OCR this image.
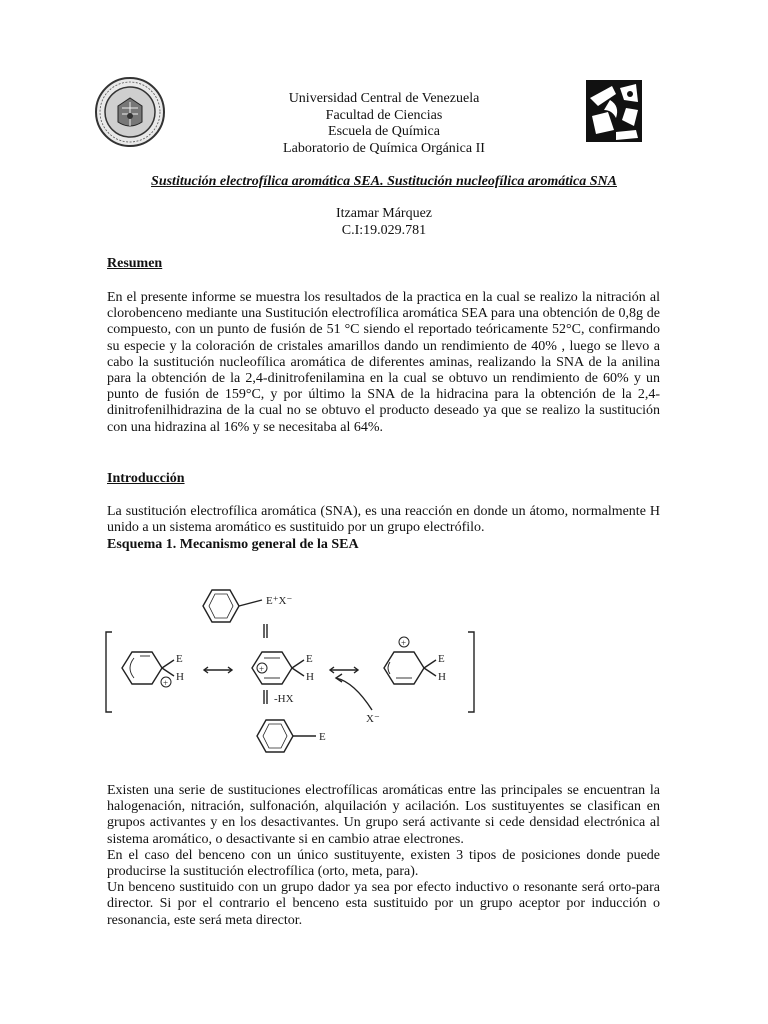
Universidad Central de Venezuela
Facultad de Ciencias
Escuela de Química
Laboratorio de Química Orgánica II
Sustitución electrofílica aromática SEA. Sustitución nucleofílica aromática SNA
Itzamar Márquez
C.I:19.029.781
Resumen

En el presente informe se muestra los resultados de la practica en la cual se realizo la nitración al clorobenceno mediante una Sustitución electrofílica aromática SEA para una obtención de 0,8g de compuesto, con un punto de fusión de 51 °C siendo el reportado teóricamente 52°C, confirmando su especie y la coloración de cristales amarillos dando un rendimiento de 40% , luego se llevo a cabo la sustitución nucleofílica aromática de diferentes aminas, realizando la SNA de la anilina para la obtención de la 2,4-dinitrofenilamina en la cual se obtuvo un rendimiento de 60% y un punto de fusión de 159°C, y por último la SNA de la hidracina para la obtención de la 2,4-dinitrofenilhidrazina de la cual no se obtuvo el producto deseado ya que se realizo la sustitución con una hidrazina al 16% y se necesitaba al 64%.

Introducción

La sustitución electrofílica aromática (SNA), es una reacción en donde un átomo, normalmente H unido a un sistema aromático es sustituido por un grupo electrófilo.

Esquema 1. Mecanismo general de la SEA
E⁺X⁻
E
H
+
E
H
+
E
H
+
X⁻
-HX
E

Existen una serie de sustituciones electrofílicas aromáticas entre las principales se encuentran la halogenación, nitración, sulfonación, alquilación y acilación. Los sustituyentes se clasifican en grupos activantes y en los desactivantes. Un grupo será activante si cede densidad electrónica al sistema aromático, o desactivante si en cambio atrae electrones.

En el caso del benceno con un único sustituyente, existen 3 tipos de posiciones donde puede producirse la sustitución electrofílica (orto, meta, para).

Un benceno sustituido con un grupo dador ya sea por efecto inductivo o resonante será orto-para director. Si por el contrario el benceno esta sustituido por un grupo aceptor por inducción o resonancia, este será meta director.
